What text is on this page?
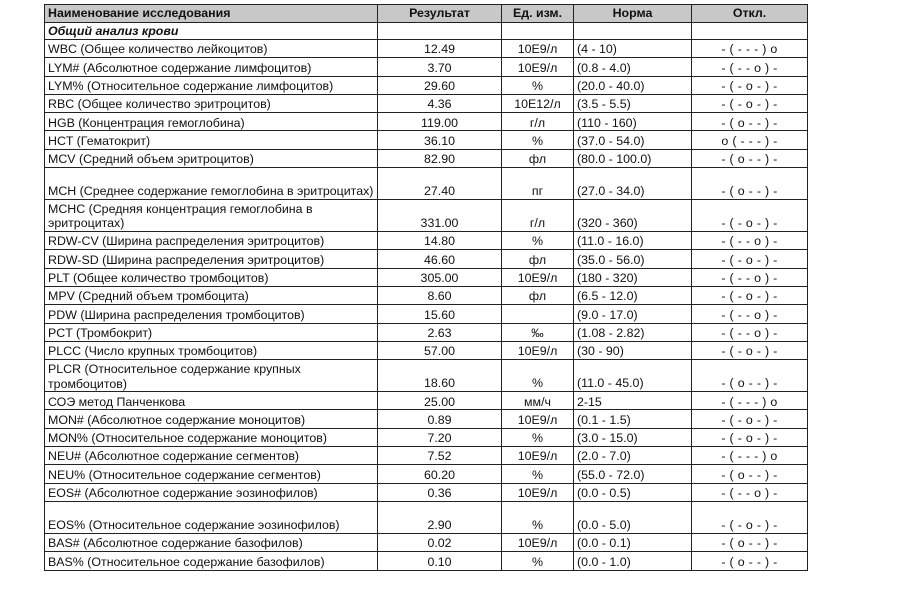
Наименование исследования	Результат	Ед. изм.	Норма	Откл.
Общий анализ крови				
WBC (Общее количество лейкоцитов)	12.49	10Е9/л	(4 - 10)	- ( - - - ) о
LYM# (Абсолютное содержание лимфоцитов)	3.70	10Е9/л	(0.8 - 4.0)	- ( - - о ) -
LYM% (Относительное содержание лимфоцитов)	29.60	%	(20.0 - 40.0)	- ( - о - ) -
RBC (Общее количество эритроцитов)	4.36	10Е12/л	(3.5 - 5.5)	- ( - о - ) -
HGB (Концентрация гемоглобина)	119.00	г/л	(110 - 160)	- ( о - - ) -
HCT (Гематокрит)	36.10	%	(37.0 - 54.0)	о ( - - - ) -
MCV (Средний объем эритроцитов)	82.90	фл	(80.0 - 100.0)	- ( о - - ) -
MCH (Среднее содержание гемоглобина в эритроцитах)	27.40	пг	(27.0 - 34.0)	- ( о - - ) -
MCHC (Средняя концентрация гемоглобина в эритроцитах)	331.00	г/л	(320 - 360)	- ( - о - ) -
RDW-CV (Ширина распределения эритроцитов)	14.80	%	(11.0 - 16.0)	- ( - - о ) -
RDW-SD (Ширина распределения эритроцитов)	46.60	фл	(35.0 - 56.0)	- ( - о - ) -
PLT (Общее количество тромбоцитов)	305.00	10Е9/л	(180 - 320)	- ( - - о ) -
MPV (Средний объем тромбоцита)	8.60	фл	(6.5 - 12.0)	- ( - о - ) -
PDW (Ширина распределения тромбоцитов)	15.60		(9.0 - 17.0)	- ( - - о ) -
PCT (Тромбокрит)	2.63	‰	(1.08 - 2.82)	- ( - - о ) -
PLCC (Число крупных тромбоцитов)	57.00	10Е9/л	(30 - 90)	- ( - о - ) -
PLCR (Относительное содержание крупных тромбоцитов)	18.60	%	(11.0 - 45.0)	- ( о - - ) -
СОЭ метод Панченкова	25.00	мм/ч	2-15	- ( - - - ) о
MON# (Абсолютное содержание моноцитов)	0.89	10Е9/л	(0.1 - 1.5)	- ( - о - ) -
MON% (Относительное содержание моноцитов)	7.20	%	(3.0 - 15.0)	- ( - о - ) -
NEU# (Абсолютное содержание сегментов)	7.52	10Е9/л	(2.0 - 7.0)	- ( - - - ) о
NEU% (Относительное содержание сегментов)	60.20	%	(55.0 - 72.0)	- ( о - - ) -
EOS# (Абсолютное содержание эозинофилов)	0.36	10Е9/л	(0.0 - 0.5)	- ( - - о ) -
EOS% (Относительное содержание эозинофилов)	2.90	%	(0.0 - 5.0)	- ( - о - ) -
BAS# (Абсолютное содержание базофилов)	0.02	10Е9/л	(0.0 - 0.1)	- ( о - - ) -
BAS% (Относительное содержание базофилов)	0.10	%	(0.0 - 1.0)	- ( о - - ) -
